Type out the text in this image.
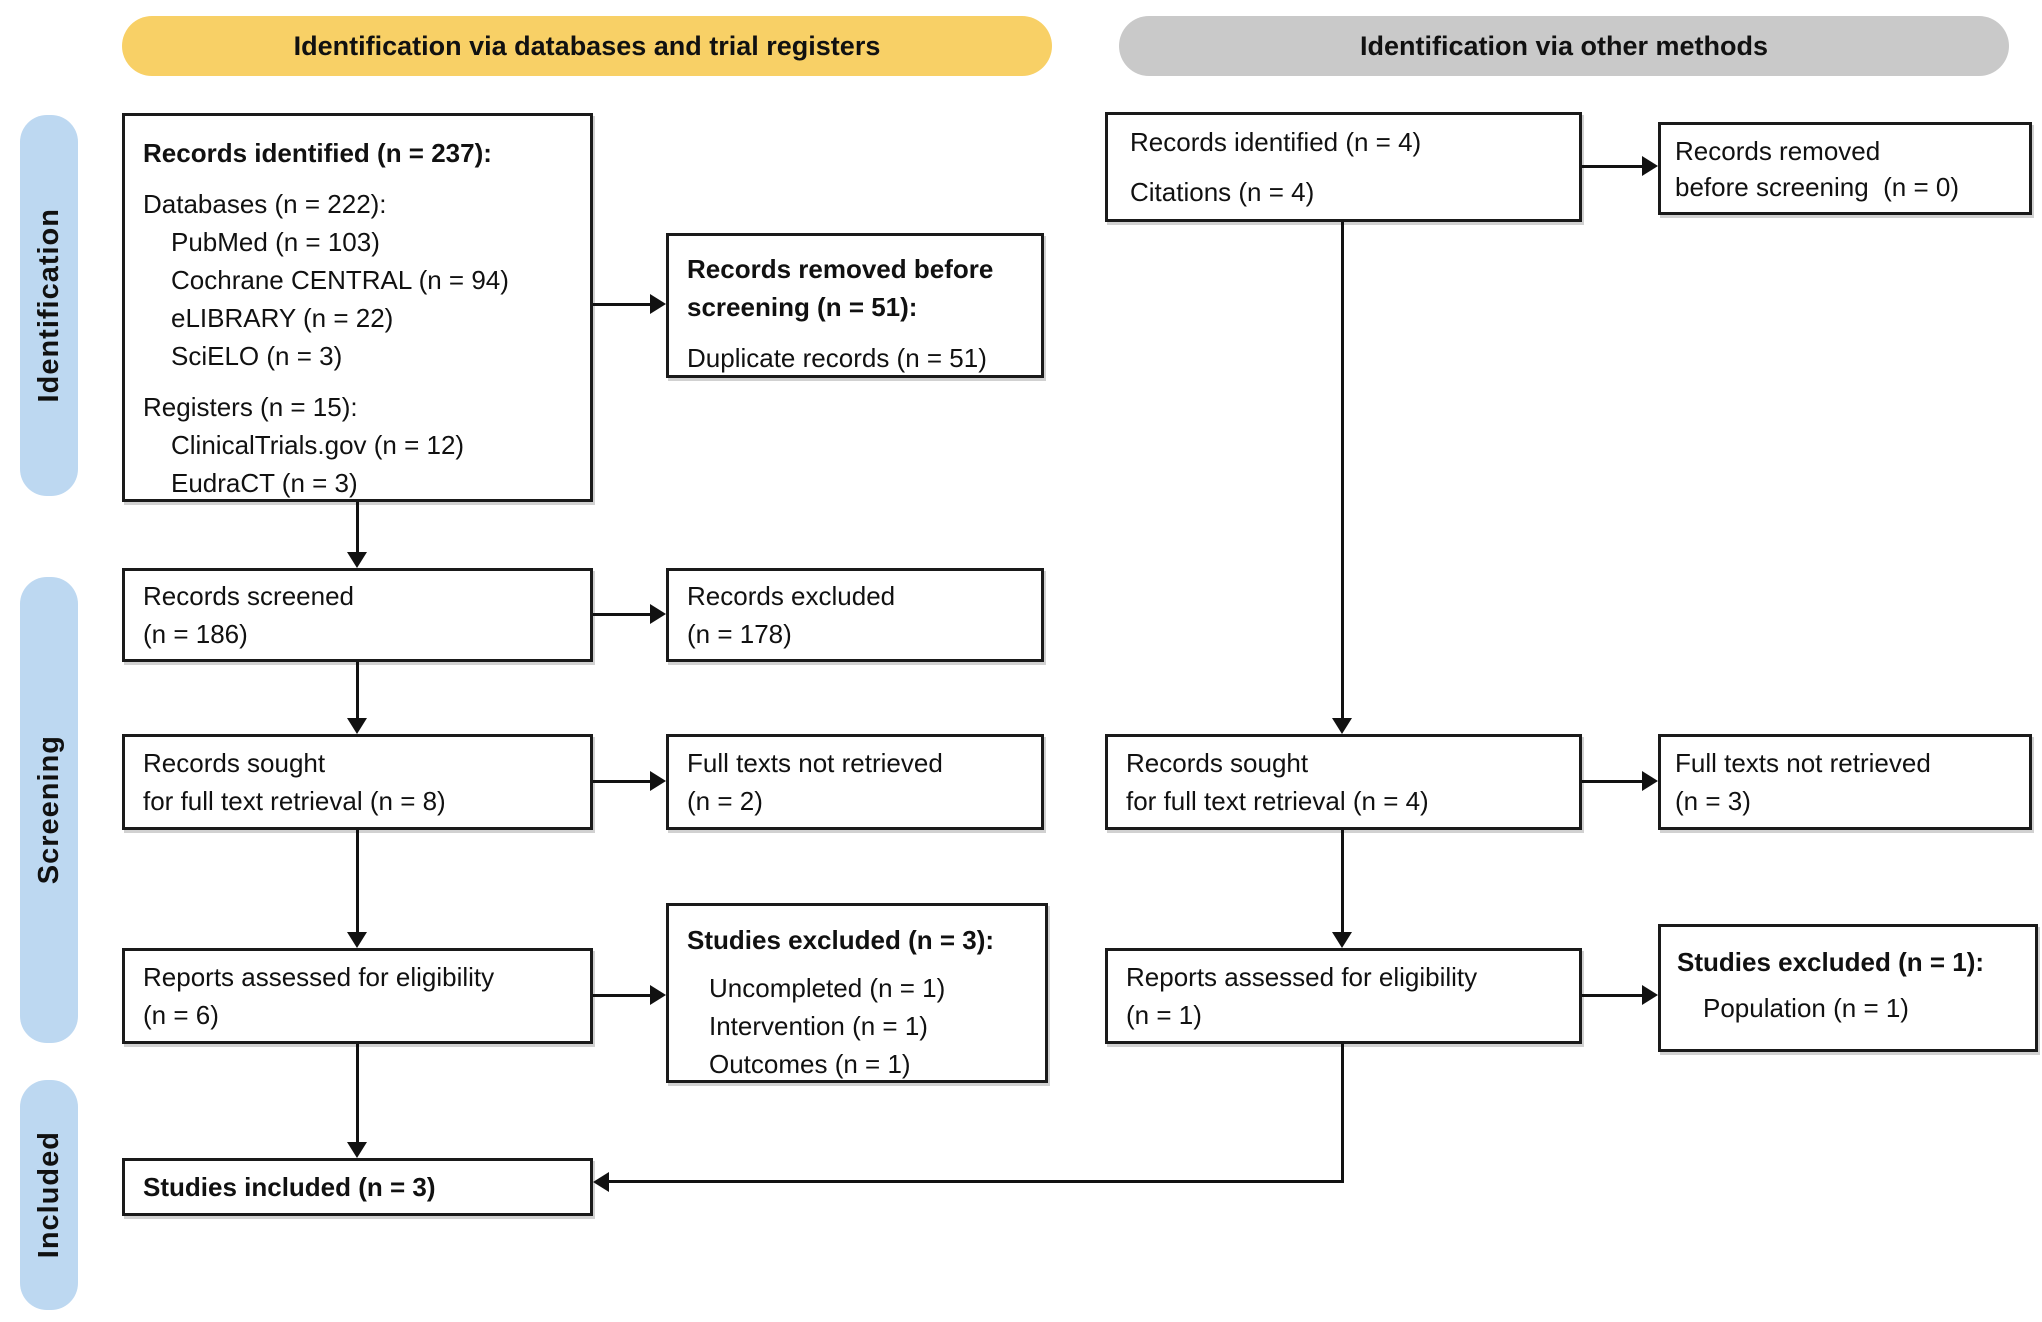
Identification via databases and trial registers	Identification via other methods
Identification
Screening
Included
Records identified (n = 237):
Databases (n = 222):
PubMed (n = 103)
Cochrane CENTRAL (n = 94)
eLIBRARY (n = 22)
SciELO (n = 3)
Registers (n = 15):
ClinicalTrials.gov (n = 12)
EudraCT (n = 3)
Records screened
(n = 186)
Records sought
for full text retrieval (n = 8)
Reports assessed for eligibility
(n = 6)
Studies included (n = 3)
Records removed before
screening (n = 51):
Duplicate records (n = 51)
Records excluded
(n = 178)
Full texts not retrieved
(n = 2)
Studies excluded (n = 3):
Uncompleted (n = 1)
Intervention (n = 1)
Outcomes (n = 1)
Records identified (n = 4)
Citations (n = 4)
Records removed
before screening  (n = 0)
Records sought
for full text retrieval (n = 4)
Full texts not retrieved
(n = 3)
Reports assessed for eligibility
(n = 1)
Studies excluded (n = 1):
Population (n = 1)
